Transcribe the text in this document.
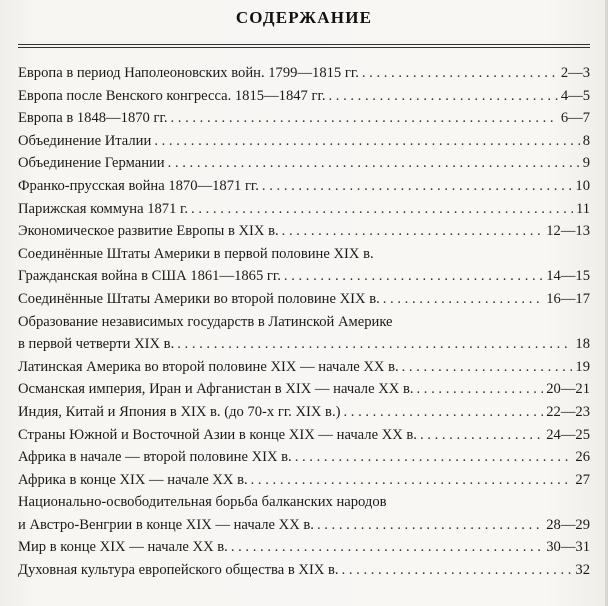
СОДЕРЖАНИЕ
Европа в период Наполеоновских войн. 1799—1815 гг. . . .	2—3
Европа после Венского конгресса. 1815—1847 гг. . . .	4—5
Европа в 1848—1870 гг. . . .	6—7
Объединение Италии . . .	8
Объединение Германии . . .	9
Франко-прусская война 1870—1871 гг. . . .	10
Парижская коммуна 1871 г. . . .	11
Экономическое развитие Европы в XIX в. . . .	12—13
Соединённые Штаты Америки в первой половине XIX в.
Гражданская война в США 1861—1865 гг. . . .	14—15
Соединённые Штаты Америки во второй половине XIX в. . . .	16—17
Образование независимых государств в Латинской Америке
в первой четверти XIX в. . . .	18
Латинская Америка во второй половине XIX — начале XX в. . . .	19
Османская империя, Иран и Афганистан в XIX — начале XX в. . . .	20—21
Индия, Китай и Япония в XIX в. (до 70-х гг. XIX в.) . . .	22—23
Страны Южной и Восточной Азии в конце XIX — начале XX в. . . .	24—25
Африка в начале — второй половине XIX в. . . .	26
Африка в конце XIX — начале XX в. . . .	27
Национально-освободительная борьба балканских народов
и Австро-Венгрии в конце XIX — начале XX в. . . .	28—29
Мир в конце XIX — начале XX в. . . .	30—31
Духовная культура европейского общества в XIX в. . . .	32
